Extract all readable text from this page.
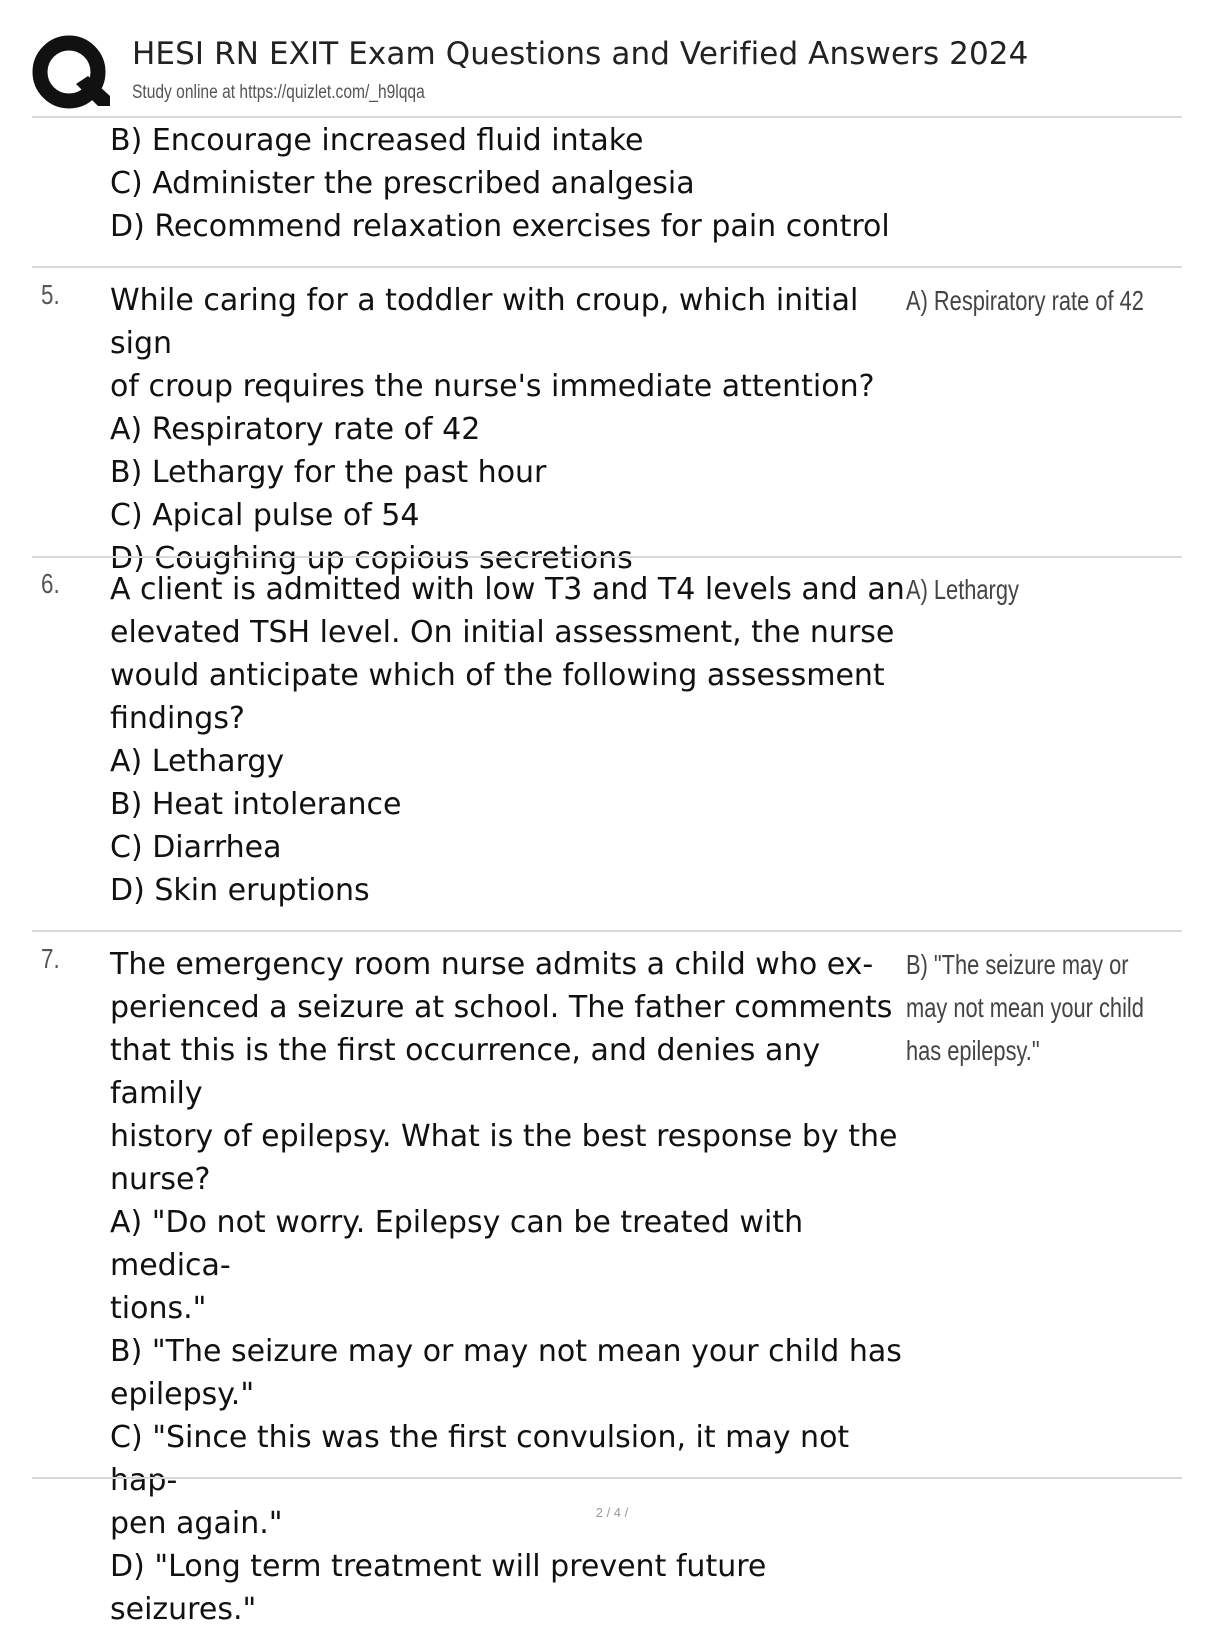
HESI RN EXIT Exam Questions and Verified Answers 2024
Study online at https://quizlet.com/_h9lqqa

B) Encourage increased fluid intake

C) Administer the prescribed analgesia

D) Recommend relaxation exercises for pain control

5. While caring for a toddler with croup, which initial sign

of croup requires the nurse's immediate attention?

A) Respiratory rate of 42

B) Lethargy for the past hour

C) Apical pulse of 54

D) Coughing up copious secretions

A) Respiratory rate of 42

6. A client is admitted with low T3 and T4 levels and an

elevated TSH level. On initial assessment, the nurse

would anticipate which of the following assessment

findings?

A) Lethargy

B) Heat intolerance

C) Diarrhea

D) Skin eruptions

A) Lethargy

7. The emergency room nurse admits a child who ex-

perienced a seizure at school. The father comments

that this is the first occurrence, and denies any family

history of epilepsy. What is the best response by the

nurse?

A) "Do not worry. Epilepsy can be treated with medica-

tions."

B) "The seizure may or may not mean your child has

epilepsy."

C) "Since this was the first convulsion, it may not hap-

pen again."

D) "Long term treatment will prevent future seizures."

B) "The seizure may or

may not mean your child

has epilepsy."

2 / 4 /
